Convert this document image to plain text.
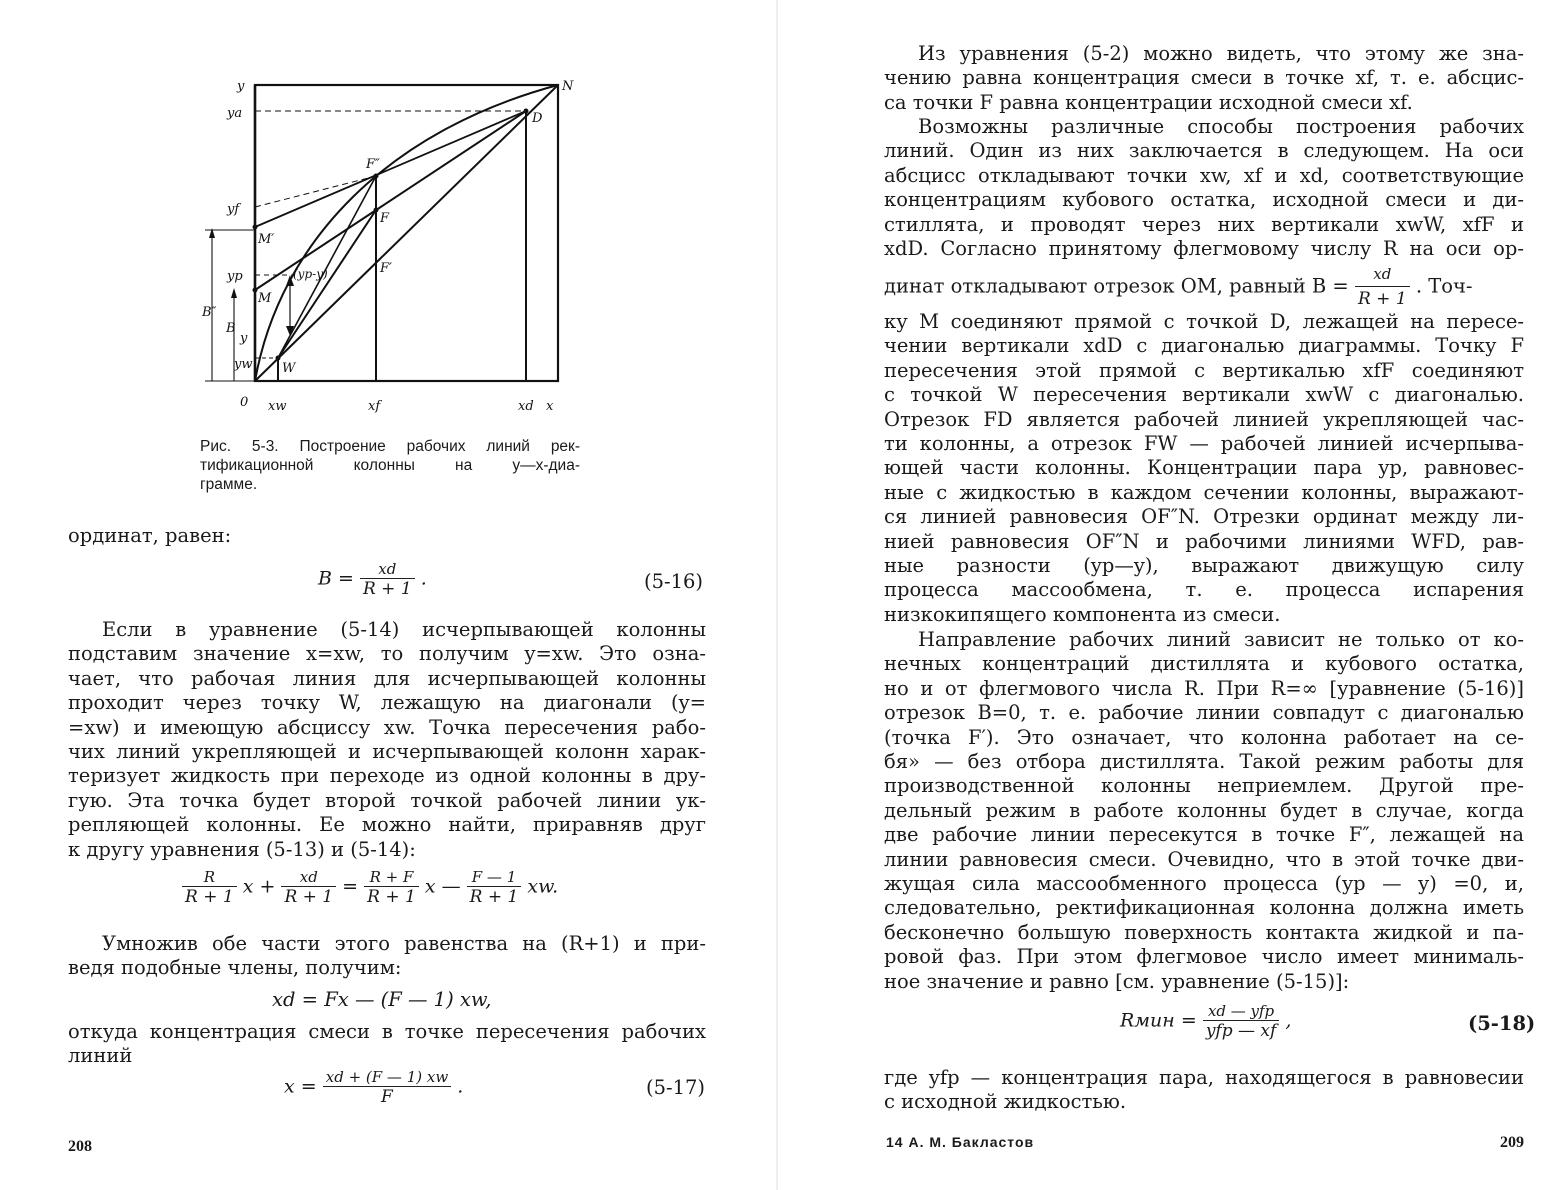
y
ya
yf
yp
B″
B
y
yw
N
D
F″
F
F′
M′
M
W
(yp-y)
0 xw	xf	xd x
Рис. 5-3. Построение рабочих линий рек-
тификационной колонны на y—x-диа-
грамме.
ординат, равен:
$B = \frac{xd}{R + 1}$ .	(5-16)
Если в уравнение (5-14) исчерпывающей колонны
подставим значение x=xw, то получим y=xw. Это озна-
чает, что рабочая линия для исчерпывающей колонны
проходит через точку W, лежащую на диагонали (y=
=xw) и имеющую абсциссу xw. Точка пересечения рабо-
чих линий укрепляющей и исчерпывающей колонн харак-
теризует жидкость при переходе из одной колонны в дру-
гую. Эта точка будет второй точкой рабочей линии ук-
репляющей колонны. Ее можно найти, приравняв друг
к другу уравнения (5-13) и (5-14):
$\frac{R}{R + 1}$ $x + \frac{xd}{R + 1} = \frac{R + F}{R + 1}$ x — $\frac{F — 1}{R + 1}$ xw.
Умножив обе части этого равенства на (R+1) и при-
ведя подобные члены, получим:
xd = Fx — (F — 1) xw,
откуда концентрация смеси в точке пересечения рабочих
линий
$x = \frac{xd + (F — 1) xw}{F}$ .	(5-17)
208
Из уравнения (5-2) можно видеть, что этому же зна-
чению равна концентрация смеси в точке xf, т. е. абсцис-
са точки F равна концентрации исходной смеси xf.
Возможны различные способы построения рабочих
линий. Один из них заключается в следующем. На оси
абсцисс откладывают точки xw, xf и xd, соответствующие
концентрациям кубового остатка, исходной смеси и ди-
стиллята, и проводят через них вертикали xwW, xfF и
xdD. Согласно принятому флегмовому числу R на оси ор-
динат откладывают отрезок OM, равный $B = \frac{xd}{R + 1}$ . Точ-
ку M соединяют прямой с точкой D, лежащей на пересе-
чении вертикали xdD с диагональю диаграммы. Точку F
пересечения этой прямой с вертикалью xfF соединяют
с точкой W пересечения вертикали xwW с диагональю.
Отрезок FD является рабочей линией укрепляющей час-
ти колонны, а отрезок FW — рабочей линией исчерпыва-
ющей части колонны. Концентрации пара yp, равновес-
ные с жидкостью в каждом сечении колонны, выражают-
ся линией равновесия OF″N. Отрезки ординат между ли-
нией равновесия OF″N и рабочими линиями WFD, рав-
ные разности (yp—y), выражают движущую силу
процесса массообмена, т. е. процесса испарения
низкокипящего компонента из смеси.
Направление рабочих линий зависит не только от ко-
нечных концентраций дистиллята и кубового остатка,
но и от флегмового числа R. При R=∞ [уравнение (5-16)]
отрезок B=0, т. е. рабочие линии совпадут с диагональю
(точка F′). Это означает, что колонна работает на се-
бя» — без отбора дистиллята. Такой режим работы для
производственной колонны неприемлем. Другой пре-
дельный режим в работе колонны будет в случае, когда
две рабочие линии пересекутся в точке F″, лежащей на
линии равновесия смеси. Очевидно, что в этой точке дви-
жущая сила массообменного процесса (yp — y) =0, и,
следовательно, ректификационная колонна должна иметь
бесконечно большую поверхность контакта жидкой и па-
ровой фаз. При этом флегмовое число имеет минималь-
ное значение и равно [см. уравнение (5-15)]:
Rмин = $\frac{\text{xd — yfp}}{\text{yfp — xf}}$ ,	(5-18)
где yfp — концентрация пара, находящегося в равновесии
с исходной жидкостью.
14 А. М. Бакластов	209
